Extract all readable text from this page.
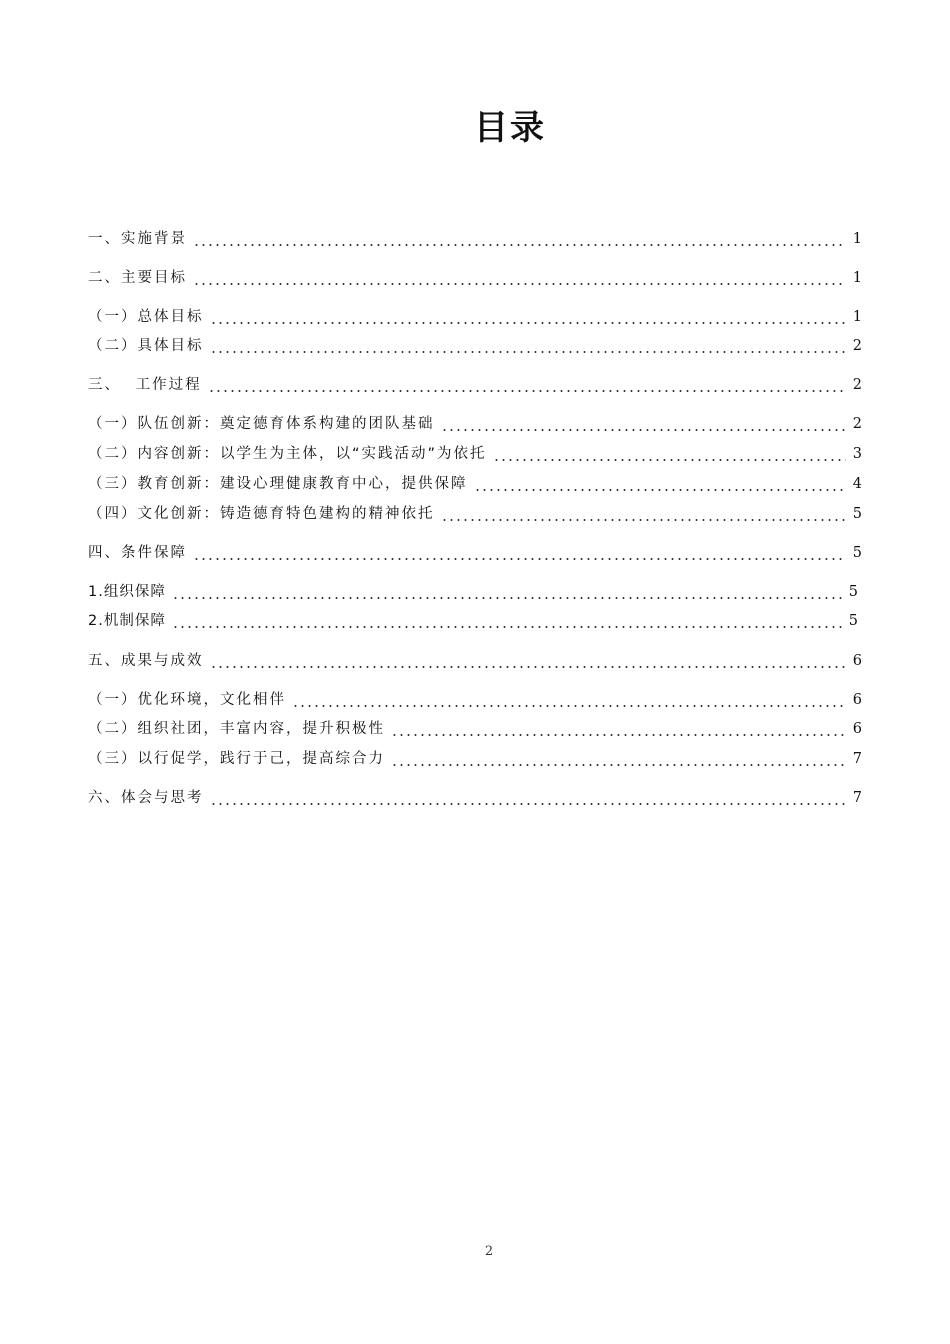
目录
一、实施背景	1
二、主要目标	1
（一）总体目标	1
（二）具体目标	2
三、 工作过程	2
（一）队伍创新：奠定德育体系构建的团队基础	2
（二）内容创新：以学生为主体，以“实践活动”为依托	3
（三）教育创新：建设心理健康教育中心，提供保障	4
（四）文化创新：铸造德育特色建构的精神依托	5
四、条件保障	5
1.组织保障	5
2.机制保障	5
五、成果与成效	6
（一）优化环境，文化相伴	6
（二）组织社团，丰富内容，提升积极性	6
（三）以行促学，践行于己，提高综合力	7
六、体会与思考	7
2
